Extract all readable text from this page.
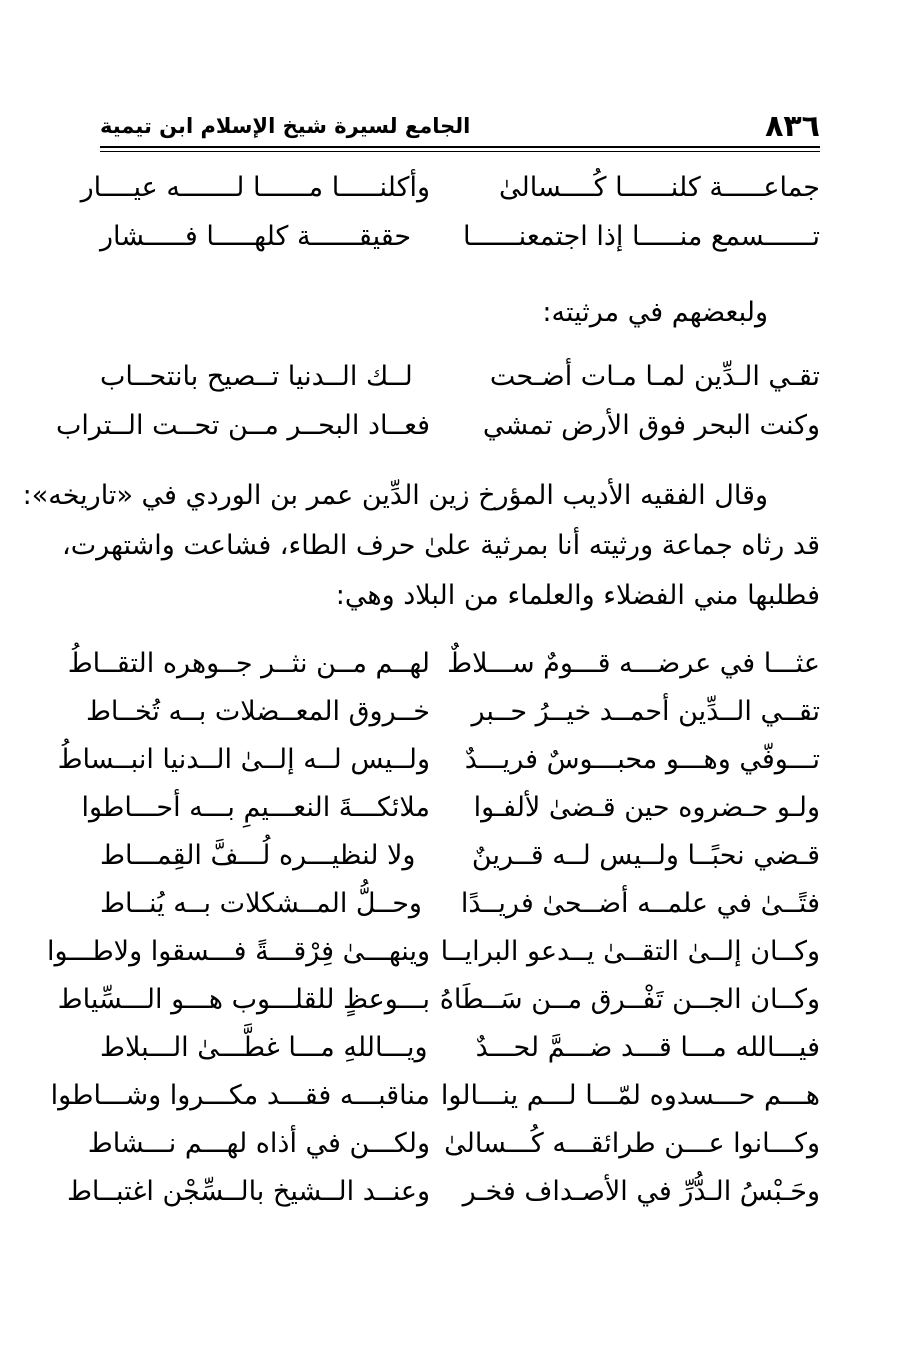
٨٣٦
الجامع لسيرة شيخ الإسلام ابن تيمية
جماعـــــة كلنــــــا كُــــسالىٰ
وأكلنـــــا مــــــا لـــــــه عيــــار
تــــــسمع منـــــا إذا اجتمعنــــــا
حقيقــــــة كلهـــــا فـــــشار
ولبعضهم في مرثيته:
تقـي الـدِّين لمـا مـات أضـحت
لــك الــدنيا تــصيح بانتحــاب
وكنت البحر فوق الأرض تمشي
فعــاد البحــر مــن تحــت الــتراب
وقال الفقيه الأديب المؤرخ زين الدِّين عمر بن الوردي في «تاريخه»:
قد رثاه جماعة ورثيته أنا بمرثية علىٰ حرف الطاء، فشاعت واشتهرت،
فطلبها مني الفضلاء والعلماء من البلاد وهي:
عثـــا في عرضـــه قـــومٌ ســـلاطٌ
لهــم مــن نثــر جــوهره التقــاطُ
تقــي الــدِّين أحمــد خيــرُ حــبر
خــروق المعــضلات بــه تُخــاط
تـــوفّي وهـــو محبـــوسٌ فريـــدٌ
ولــيس لــه إلــىٰ الــدنيا انبــساطُ
ولـو حـضروه حين قـضىٰ لألفـوا
ملائكـــةَ النعـــيمِ بـــه أحـــاطوا
قـضي نحبًــا ولــيس لــه قــرينٌ
ولا لنظيـــره لُـــفَّ القِمـــاط
فتًــىٰ في علمــه أضــحىٰ فريــدًا
وحــلُّ المــشكلات بــه يُنــاط
وكــان إلــىٰ التقــىٰ يــدعو البرايــا
وينهـــىٰ فِرْقـــةً فـــسقوا ولاطـــوا
وكــان الجــن تَفْــرق مــن سَــطَاهُ
بـــوعظٍ للقلـــوب هـــو الـــسِّياط
فيـــالله مـــا قـــد ضـــمَّ لحـــدٌ
ويـــاللهِ مـــا غطَّـــىٰ الـــبلاط
هـــم حـــسدوه لمّـــا لـــم ينـــالوا
مناقبـــه فقـــد مكـــروا وشـــاطوا
وكـــانوا عـــن طرائقـــه كُـــسالىٰ
ولكـــن في أذاه لهـــم نـــشاط
وحَـبْسُ الـدُّرِّ في الأصـداف فخـر
وعنــد الــشيخ بالــسِّجْن اغتبــاط
